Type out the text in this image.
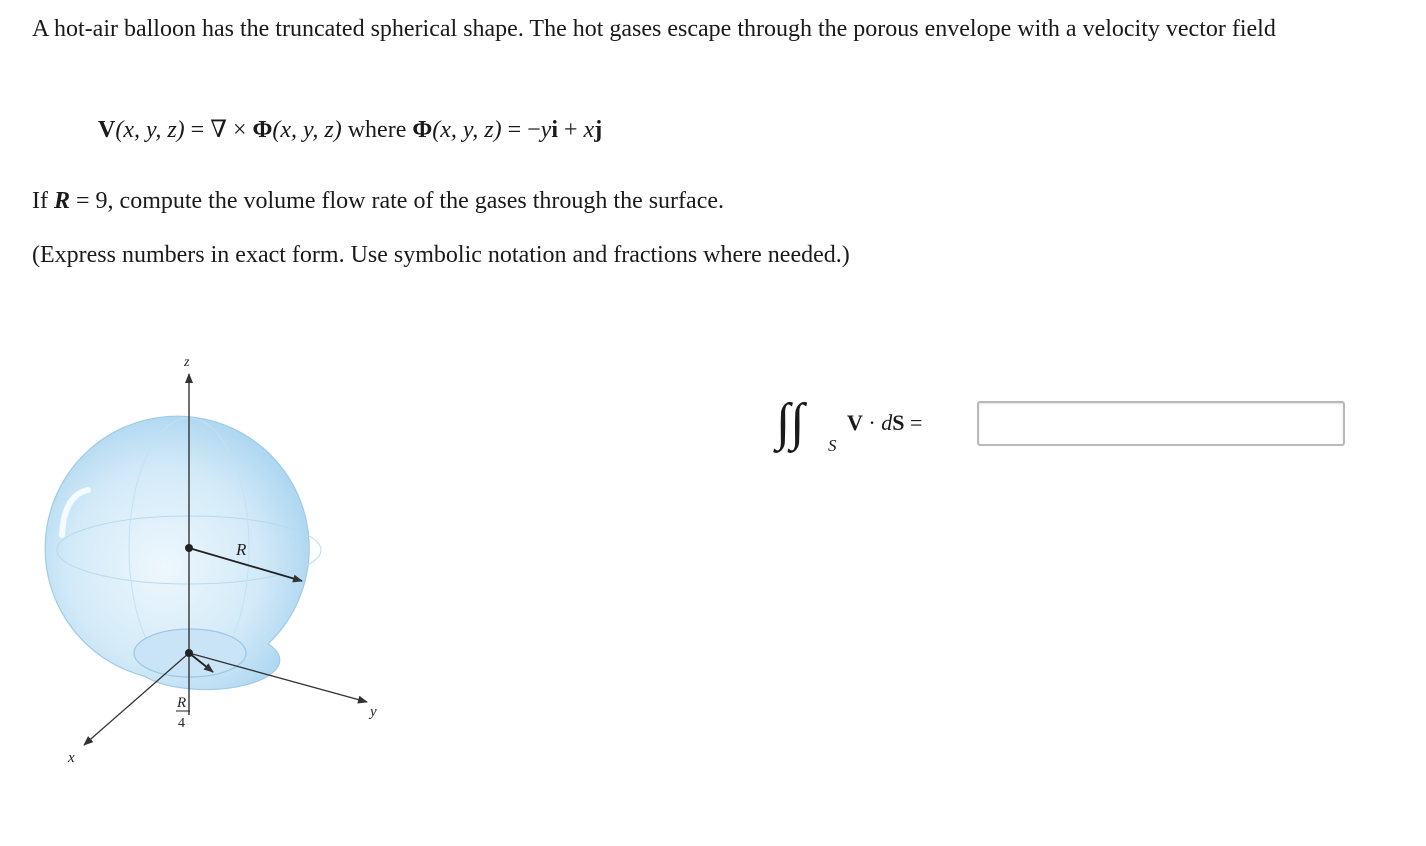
A hot-air balloon has the truncated spherical shape. The hot gases escape through the porous envelope with a velocity vector field

V(x, y, z) = ∇ × Φ(x, y, z) where Φ(x, y, z) = −yi + xj

If R = 9, compute the volume flow rate of the gases through the surface.

(Express numbers in exact form. Use symbolic notation and fractions where needed.)

z
y
x
R
R
4
∫∫ S
V · dS =
